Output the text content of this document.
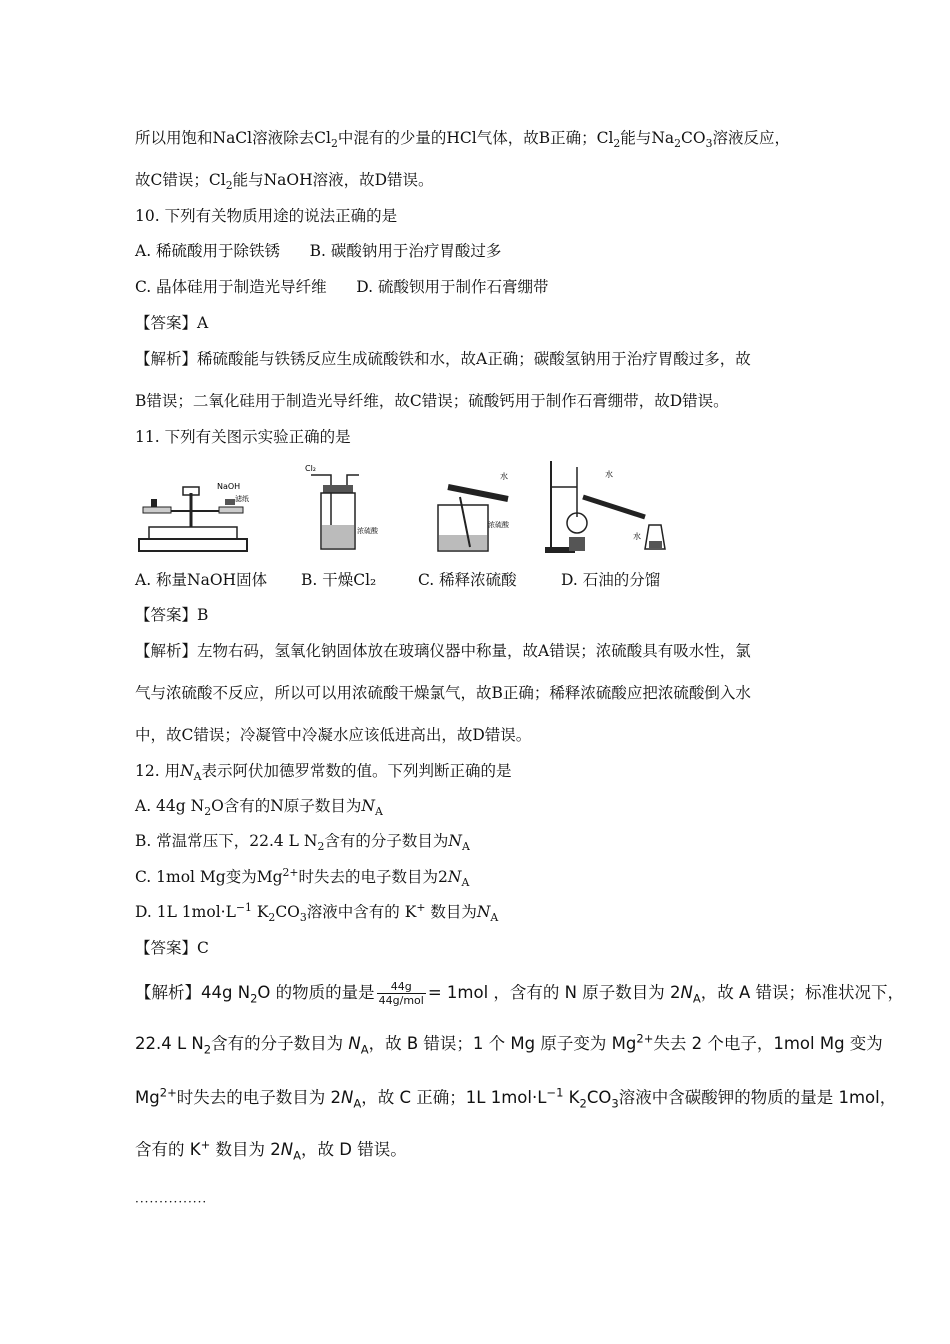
所以用饱和NaCl溶液除去$Cl_2$中混有的少量的HCl气体，故B正确；$Cl_2$能与$Na_2CO_3$溶液反应，
故C错误；$Cl_2$能与NaOH溶液，故D错误。
10. 下列有关物质用途的说法正确的是
A. 稀硫酸用于除铁锈      B. 碳酸钠用于治疗胃酸过多
C. 晶体硅用于制造光导纤维      D. 硫酸钡用于制作石膏绷带
【答案】A
【解析】稀硫酸能与铁锈反应生成硫酸铁和水，故A正确；碳酸氢钠用于治疗胃酸过多，故
B错误；二氧化硅用于制造光导纤维，故C错误；硫酸钙用于制作石膏绷带，故D错误。
11. 下列有关图示实验正确的是
NaOH
滤纸
Cl₂
浓硫酸
水
浓硫酸
水
水
A. 称量NaOH固体 B. 干燥Cl₂	C. 稀释浓硫酸	D. 石油的分馏
【答案】B
【解析】左物右码，氢氧化钠固体放在玻璃仪器中称量，故A错误；浓硫酸具有吸水性，氯
气与浓硫酸不反应，所以可以用浓硫酸干燥氯气，故B正确；稀释浓硫酸应把浓硫酸倒入水
中，故C错误；冷凝管中冷凝水应该低进高出，故D错误。
12. 用$N_A$表示阿伏加德罗常数的值。下列判断正确的是
A. 44g $N_2O$含有的N原子数目为$N_A$
B. 常温常压下，22.4 L $N_2$含有的分子数目为$N_A$
C. 1mol Mg变为$Mg^{2+}$时失去的电子数目为$2N_A$
D. 1L $1mol\cdot L^{-1}$ $K_2CO_3$溶液中含有的 K+ 数目为$N_A$
【答案】C
【解析】44g $N_2O$ 的物质的量是 $\frac{44g}{\text{44g/mol}} = 1mol$ ，含有的 N 原子数目为 $2N_A$，故 A 错误；标准状况下，
22.4 L $N_2$含有的分子数目为 $N_A$，故 B 错误；1 个 Mg 原子变为 $Mg^{2+}$失去 2 个电子，1mol Mg 变为
$Mg^{2+}$时失去的电子数目为 $2N_A$，故 C 正确；1L $1mol\cdot L^{-1}$ $K_2CO_3$溶液中含碳酸钾的物质的量是 1mol，
含有的 K+ 数目为 $2N_A$，故 D 错误。
···············
